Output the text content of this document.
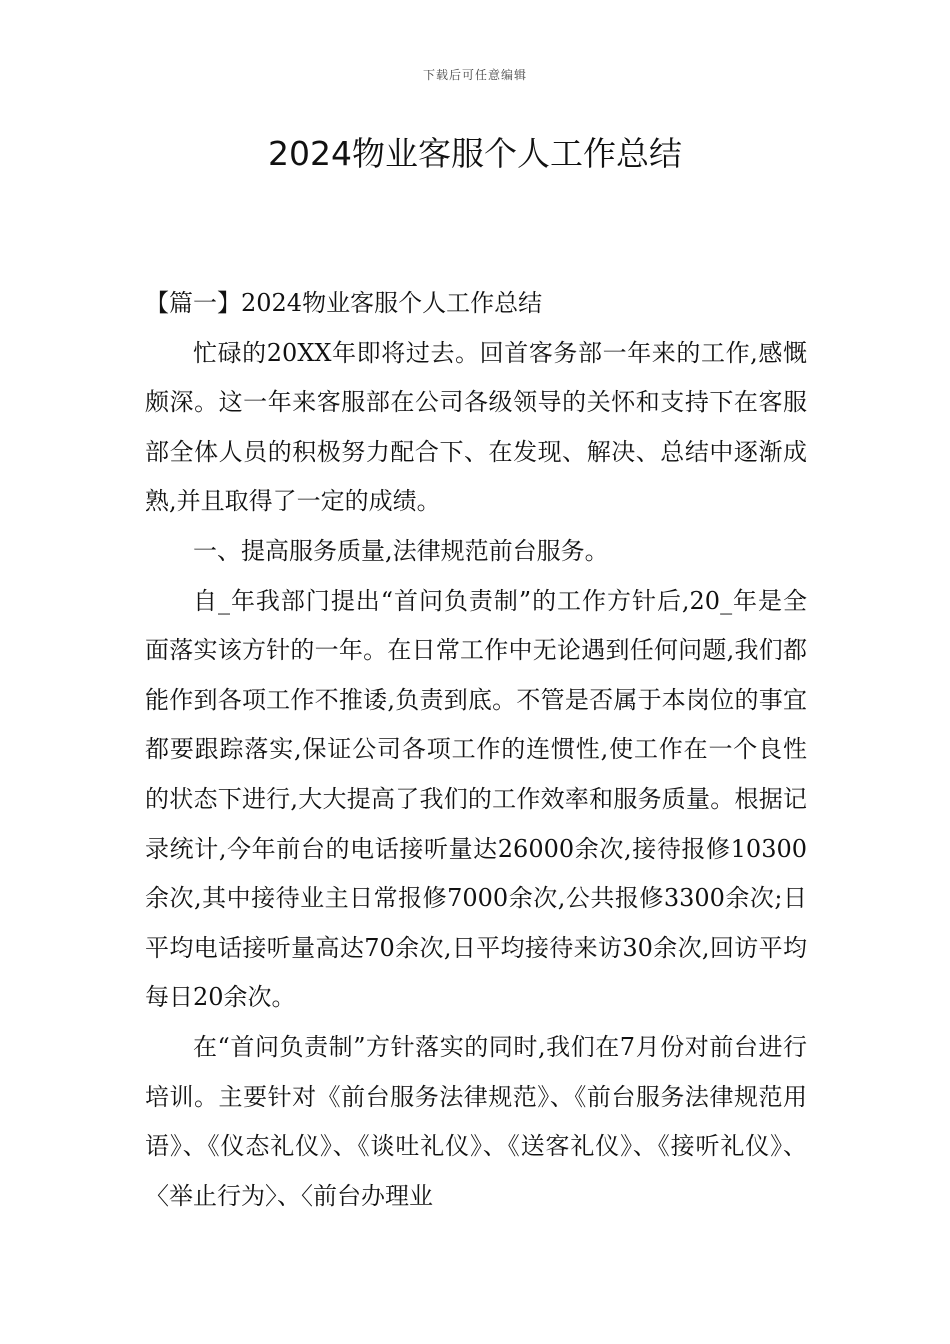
下载后可任意编辑
2024物业客服个人工作总结

【篇一】2024物业客服个人工作总结

忙碌的20XX年即将过去。回首客务部一年来的工作,感慨颇深。这一年来客服部在公司各级领导的关怀和支持下在客服部全体人员的积极努力配合下、在发现、解决、总结中逐渐成熟,并且取得了一定的成绩。

一、提高服务质量,法律规范前台服务。

自_年我部门提出“首问负责制”的工作方针后,20_年是全面落实该方针的一年。在日常工作中无论遇到任何问题,我们都能作到各项工作不推诿,负责到底。不管是否属于本岗位的事宜都要跟踪落实,保证公司各项工作的连惯性,使工作在一个良性的状态下进行,大大提高了我们的工作效率和服务质量。根据记录统计,今年前台的电话接听量达26000余次,接待报修10300余次,其中接待业主日常报修7000余次,公共报修3300余次;日平均电话接听量高达70余次,日平均接待来访30余次,回访平均每日20余次。

在“首问负责制”方针落实的同时,我们在7月份对前台进行培训。主要针对《前台服务法律规范》、《前台服务法律规范用语》、《仪态礼仪》、《谈吐礼仪》、《送客礼仪》、《接听礼仪》、〈举止行为〉、〈前台办理业
